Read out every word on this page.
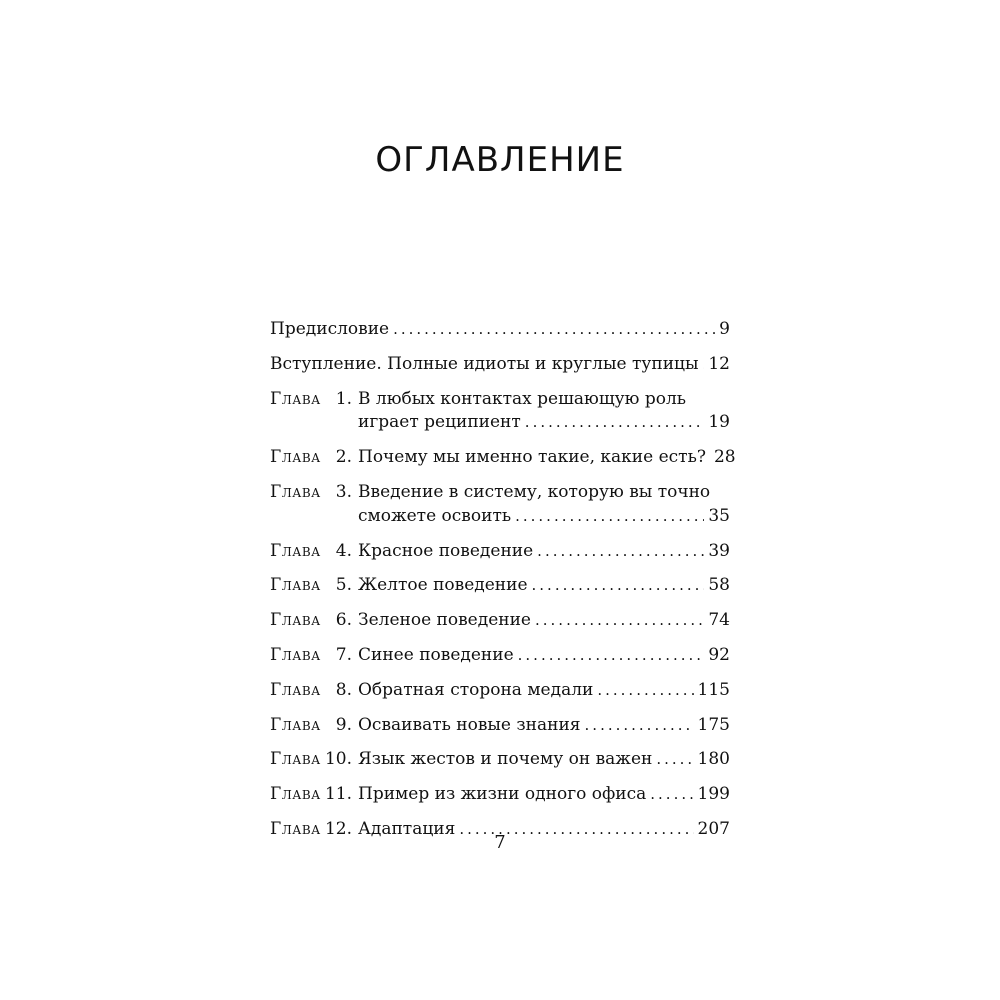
ОГЛАВЛЕНИЕ
Предисловие .....	9
Вступление. Полные идиоты и круглые тупицы ..... 12
Глава 1. В любых контактах решающую роль
играет реципиент .....	19
Глава 2. Почему мы именно такие, какие есть? 28
Глава 3. Введение в систему, которую вы точно
сможете освоить .....	35
Глава 4. Красное поведение .....	39
Глава 5. Желтое поведение .....	58
Глава 6. Зеленое поведение .....	74
Глава 7. Синее поведение .....	92
Глава 8. Обратная сторона медали .....	115
Глава 9. Осваивать новые знания .....	175
Глава 10. Язык жестов и почему он важен .....	180
Глава 11. Пример из жизни одного офиса .....	199
Глава 12. Адаптация .....	207
7
